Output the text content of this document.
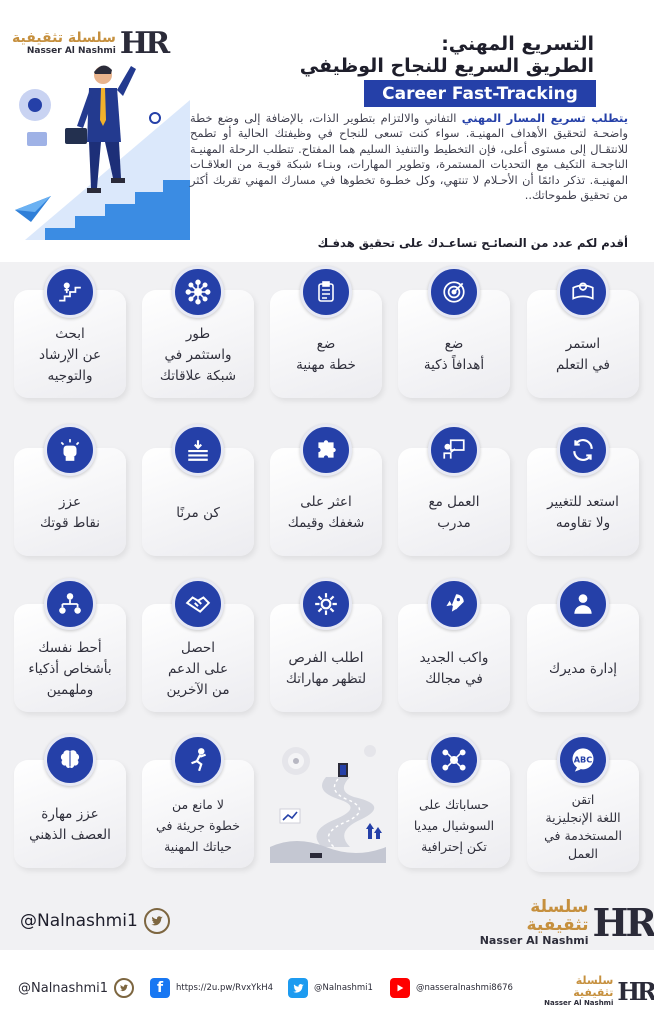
سلسلة تثقيفية
Nasser Al Nashmi HR	التسريع المهني:
الطريق السريع للنجاح الوظيفي
Career Fast-Tracking
يتطلب تسريع المسار المهني التفاني والالتزام بتطوير الذات، بالإضافة إلى وضع خطة واضحـة لتحقيق الأهداف المهنيـة. سواء كنت تسعى للنجاح في وظيفتك الحالية أو تطمح للانتقـال إلى مستوى أعلى، فإن التخطيط والتنفيذ السليم هما المفتاح. تتطلب الرحلة المهنيـة الناجحـة التكيف مع التحديات المستمرة، وتطوير المهارات، وبنـاء شبكة قويـة من العلاقـات المهنيـة. تذكر دائمًا أن الأحـلام لا تنتهي، وكل خطـوة تخطوها في مسارك المهني تقربك أكثر من تحقيق طموحاتك..
أقدم لكم عدد من النصائـح تساعـدك على تحقيق هدفـك
استمر
في التعلم
ضع
أهدافاً ذكية
ضع
خطة مهنية
طور
واستثمر في
شبكة علاقاتك
ابحث
عن الإرشاد
والتوجيه
استعد للتغيير
ولا تقاومه
العمل مع
مدرب
اعثر على
شغفك وقيمك
كن مرنًا
عزز
نقاط قوتك
إدارة مديرك
واكب الجديد
في مجالك
اطلب الفرص
لتظهر مهاراتك
احصل
على الدعم
من الآخرين
أحط نفسك
بأشخاص أذكياء
وملهمين
اتقن
اللغة الإنجليزية
المستخدمة في
العمل
حساباتك على
السوشيال ميديا
تكن إحترافية
لا مانع من
خطوة جريئة في
حياتك المهنية
عزز مهارة
العصف الذهني
ABC
@Nalnashmi1
سلسلة تثقيفية
Nasser Al Nashmi HR
@Nalnashmi1	f https://2u.pw/RvxYkH4	@Nalnashmi1	@nasseralnashmi8676
سلسلة تثقيفية
Nasser Al Nashmi HR
